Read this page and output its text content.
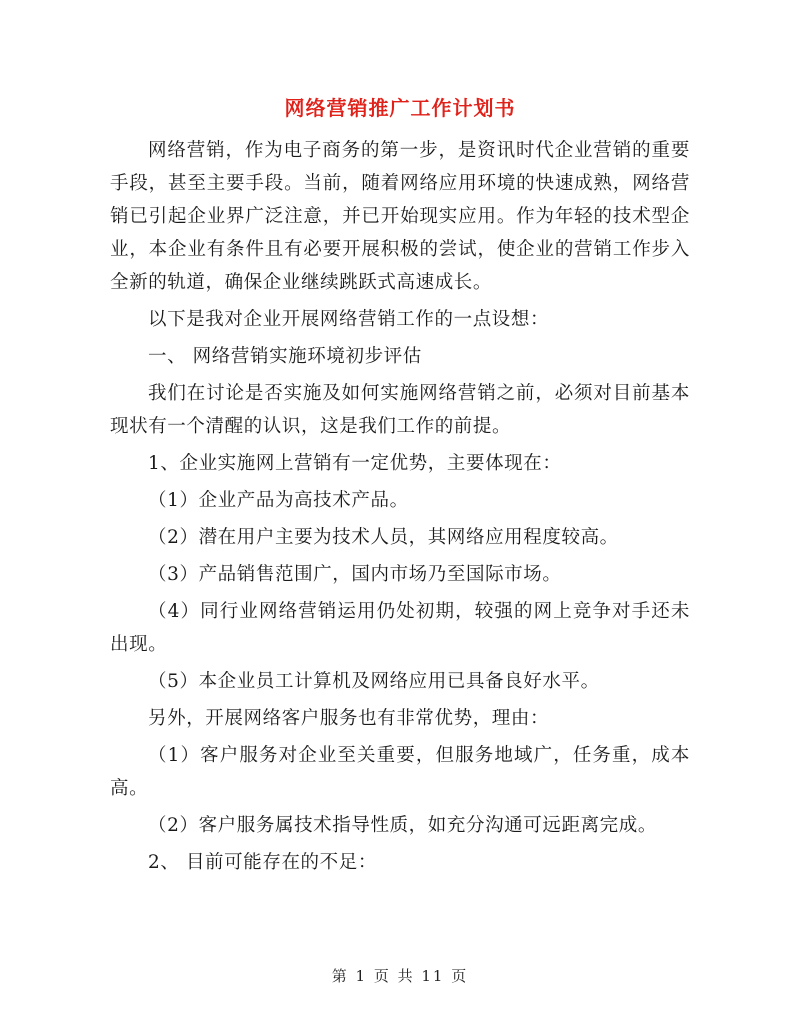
网络营销推广工作计划书

网络营销，作为电子商务的第一步，是资讯时代企业营销的重要手段，甚至主要手段。当前，随着网络应用环境的快速成熟，网络营销已引起企业界广泛注意，并已开始现实应用。作为年轻的技术型企业，本企业有条件且有必要开展积极的尝试，使企业的营销工作步入全新的轨道，确保企业继续跳跃式高速成长。

以下是我对企业开展网络营销工作的一点设想：

一、 网络营销实施环境初步评估

我们在讨论是否实施及如何实施网络营销之前，必须对目前基本现状有一个清醒的认识，这是我们工作的前提。

1、企业实施网上营销有一定优势，主要体现在：

（1）企业产品为高技术产品。

（2）潜在用户主要为技术人员，其网络应用程度较高。

（3）产品销售范围广，国内市场乃至国际市场。

（4）同行业网络营销运用仍处初期，较强的网上竞争对手还未出现。

（5）本企业员工计算机及网络应用已具备良好水平。

另外，开展网络客户服务也有非常优势，理由：

（1）客户服务对企业至关重要，但服务地域广，任务重，成本高。

（2）客户服务属技术指导性质，如充分沟通可远距离完成。

2、 目前可能存在的不足：

第 1 页 共 11 页
